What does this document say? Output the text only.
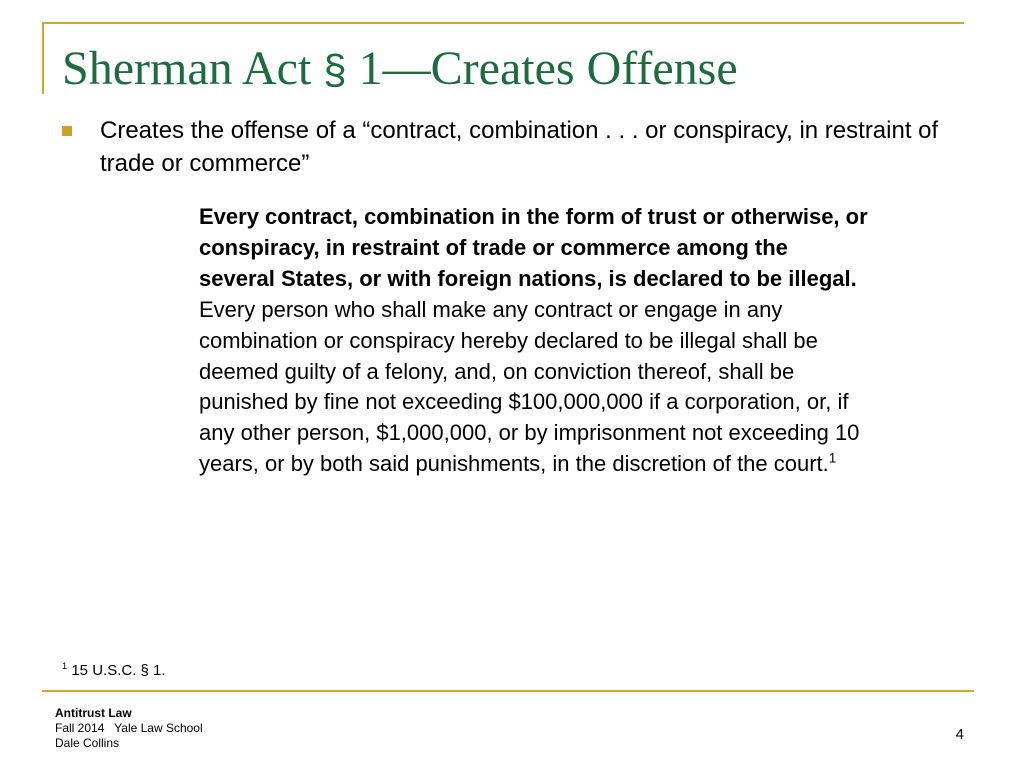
Sherman Act § 1—Creates Offense
Creates the offense of a “contract, combination . . . or conspiracy, in restraint of trade or commerce”
Every contract, combination in the form of trust or otherwise, or conspiracy, in restraint of trade or commerce among the several States, or with foreign nations, is declared to be illegal. Every person who shall make any contract or engage in any combination or conspiracy hereby declared to be illegal shall be deemed guilty of a felony, and, on conviction thereof, shall be punished by fine not exceeding $100,000,000 if a corporation, or, if any other person, $1,000,000, or by imprisonment not exceeding 10 years, or by both said punishments, in the discretion of the court.$^1$
$^1$ 15 U.S.C. § 1.
Antitrust Law
Fall 2014   Yale Law School
Dale Collins	4
